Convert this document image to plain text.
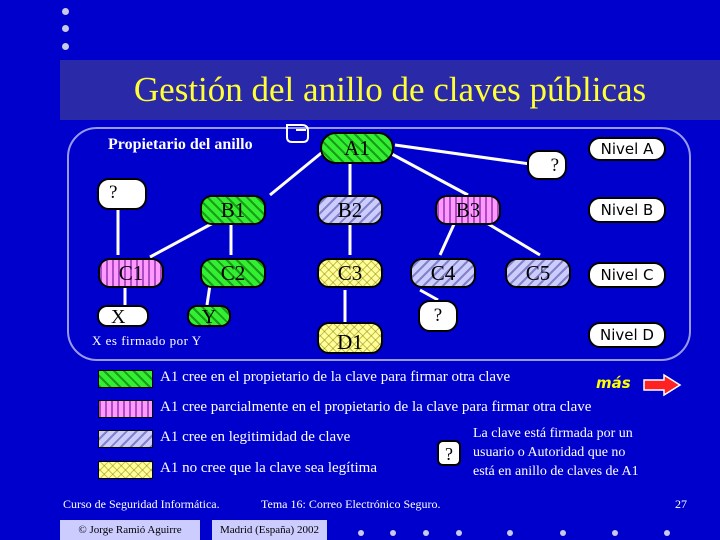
Gestión del anillo de claves públicas
Propietario del anillo	A1
?
B1	B2	B3
?
C1	C2	C3	C4	C5
X	Y
X es firmado por Y	D1
?
Nivel A
Nivel B
Nivel C
Nivel D
A1 cree en el propietario de la clave para firmar otra clave
A1 cree parcialmente en el propietario de la clave para firmar otra clave
A1 cree en legitimidad de clave
A1 no cree que la clave sea legítima
?
La clave está firmada por un
usuario o Autoridad que no
está en anillo de claves de A1
más
Curso de Seguridad Informática.	Tema 16: Correo Electrónico Seguro.	27
© Jorge Ramió Aguirre	Madrid (España) 2002
